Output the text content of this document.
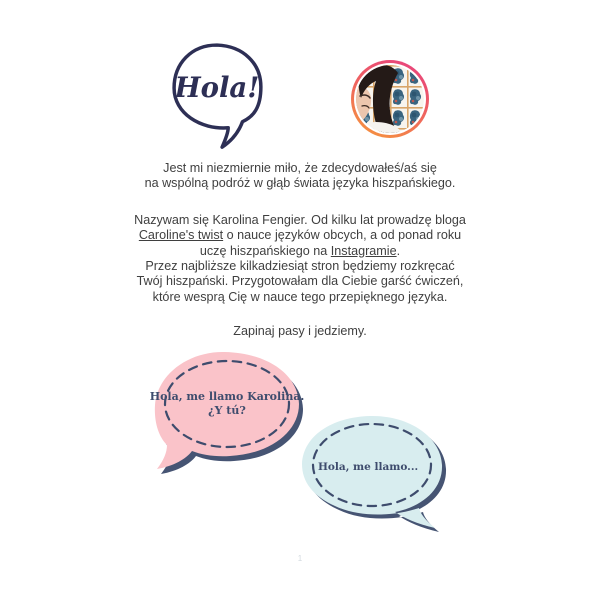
Hola!
Jest mi niezmiernie miło, że zdecydowałeś/aś się
na wspólną podróż w głąb świata języka hiszpańskiego.
Nazywam się Karolina Fengier. Od kilku lat prowadzę bloga
Caroline's twist o nauce języków obcych, a od ponad roku
uczę hiszpańskiego na Instagramie.
Przez najbliższe kilkadziesiąt stron będziemy rozkręcać
Twój hiszpański. Przygotowałam dla Ciebie garść ćwiczeń,
które wesprą Cię w nauce tego przepięknego języka.
Zapinaj pasy i jedziemy.
Hola, me llamo Karolina.
¿Y tú?
Hola, me llamo...
1
